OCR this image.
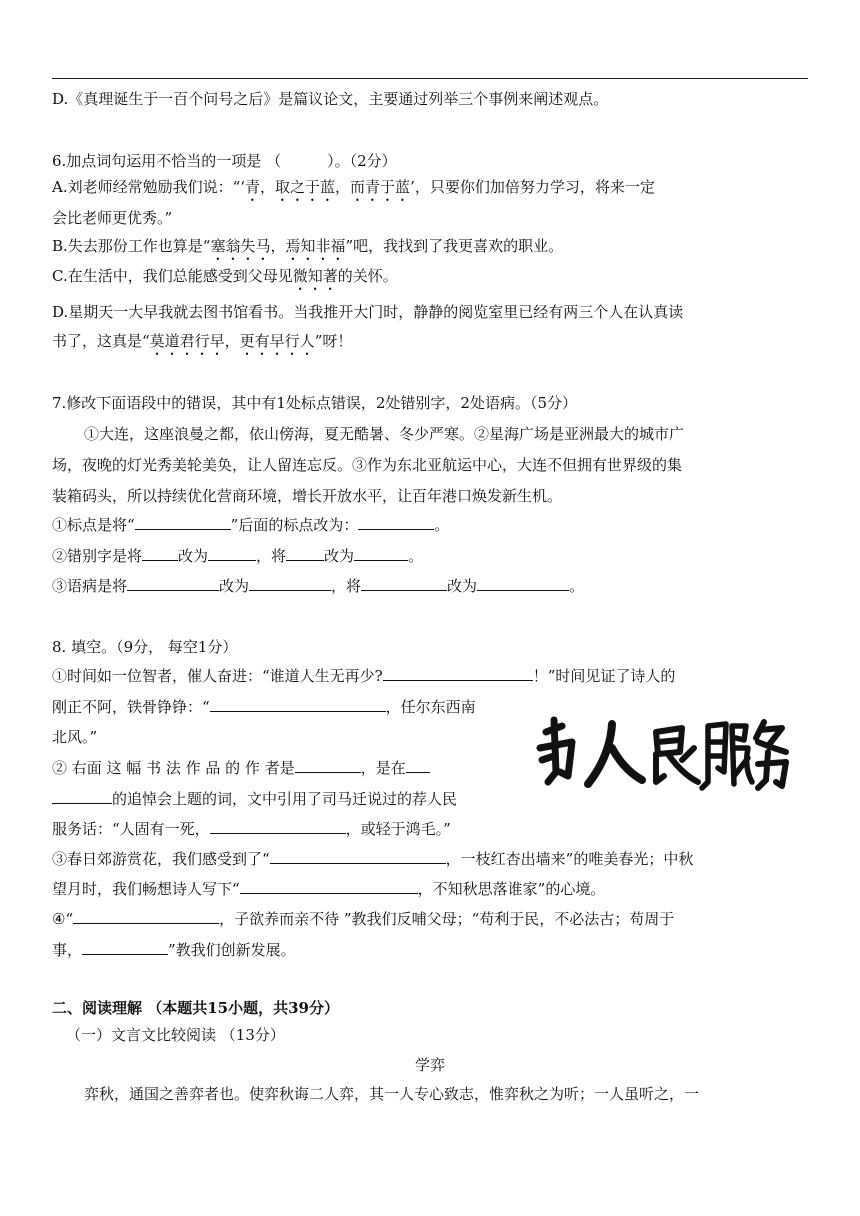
D.《真理诞生于一百个问号之后》是篇议论文，主要通过列举三个事例来阐述观点。
6.加点词句运用不恰当的一项是 （	）。（2分）
A.刘老师经常勉励我们说：“‘青，取之于蓝，而青于蓝’，只要你们加倍努力学习，将来一定
会比老师更优秀。”
B.失去那份工作也算是“塞翁失马，焉知非福”吧，我找到了我更喜欢的职业。
C.在生活中，我们总能感受到父母见微知著的关怀。
D.星期天一大早我就去图书馆看书。当我推开大门时，静静的阅览室里已经有两三个人在认真读
书了，这真是“莫道君行早，更有早行人”呀！
7.修改下面语段中的错误，其中有1处标点错误，2处错别字，2处语病。（5分）
①大连，这座浪曼之都，依山傍海，夏无酷暑、冬少严寒。②星海广场是亚洲最大的城市广
场，夜晚的灯光秀美轮美奂，让人留连忘反。③作为东北亚航运中心，大连不但拥有世界级的集
装箱码头，所以持续优化营商环境，增长开放水平，让百年港口焕发新生机。
①标点是将“	”后面的标点改为：	。
②错别字是将 改为	，将	改为	。
③语病是将	改为	，将	改为	。
8. 填空。（9分， 每空1分）
①时间如一位智者，催人奋进：“谁道人生无再少?	！”时间见证了诗人的
刚正不阿，铁骨铮铮：“	，任尔东西南
北风。”
② 右面 这 幅 书 法 作 品 的 作 者是	，是在
的追悼会上题的词，文中引用了司马迁说过的荐人民
服务话：“人固有一死，	，或轻于鸿毛。”
③春日郊游赏花，我们感受到了“	，一枝红杏出墙来”的唯美春光；中秋
望月时，我们畅想诗人写下“	，不知秋思落谁家”的心境。
④“	，子欲养而亲不待 ”教我们反哺父母；“苟利于民，不必法古；苟周于
事，	”教我们创新发展。
二、阅读理解 （本题共15小题，共39分）
（一）文言文比较阅读 （13分）
学弈
弈秋，通国之善弈者也。使弈秋诲二人弈，其一人专心致志，惟弈秋之为听；一人虽听之，一
